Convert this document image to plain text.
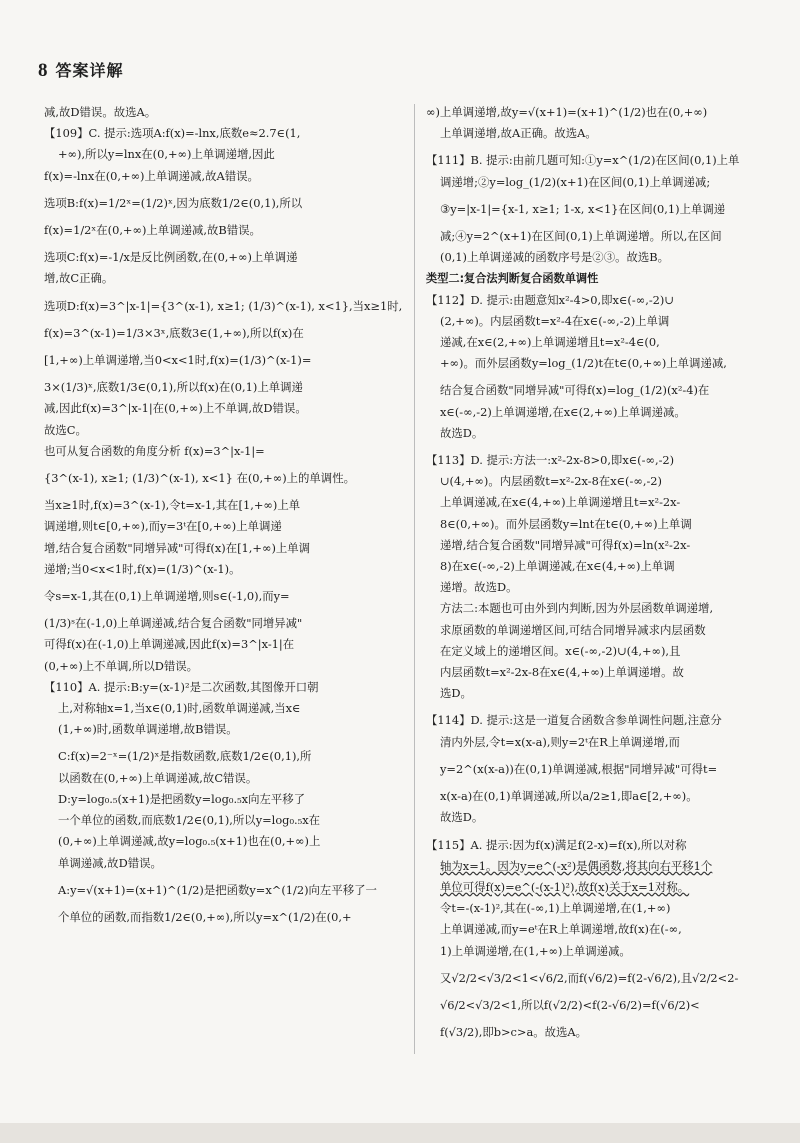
8 答案详解

减,故D错误。故选A。

【109】C. 提示:选项A:f(x)=-lnx,底数e≈2.7∈(1,

+∞),所以y=lnx在(0,+∞)上单调递增,因此

f(x)=-lnx在(0,+∞)上单调递减,故A错误。

选项B:f(x)=1/2ˣ=(1/2)ˣ,因为底数1/2∈(0,1),所以

f(x)=1/2ˣ在(0,+∞)上单调递减,故B错误。

选项C:f(x)=-1/x是反比例函数,在(0,+∞)上单调递

增,故C正确。

选项D:f(x)=3^|x-1|={3^(x-1), x≥1; (1/3)^(x-1), x<1},当x≥1时,

f(x)=3^(x-1)=1/3×3ˣ,底数3∈(1,+∞),所以f(x)在

[1,+∞)上单调递增,当0<x<1时,f(x)=(1/3)^(x-1)=

3×(1/3)ˣ,底数1/3∈(0,1),所以f(x)在(0,1)上单调递

减,因此f(x)=3^|x-1|在(0,+∞)上不单调,故D错误。

故选C。

也可从复合函数的角度分析 f(x)=3^|x-1|=

{3^(x-1), x≥1; (1/3)^(x-1), x<1} 在(0,+∞)上的单调性。

当x≥1时,f(x)=3^(x-1),令t=x-1,其在[1,+∞)上单

调递增,则t∈[0,+∞),而y=3ᵗ在[0,+∞)上单调递

增,结合复合函数"同增异减"可得f(x)在[1,+∞)上单调

递增;当0<x<1时,f(x)=(1/3)^(x-1)。

令s=x-1,其在(0,1)上单调递增,则s∈(-1,0),而y=

(1/3)ˢ在(-1,0)上单调递减,结合复合函数"同增异减"

可得f(x)在(-1,0)上单调递减,因此f(x)=3^|x-1|在

(0,+∞)上不单调,所以D错误。

【110】A. 提示:B:y=(x-1)²是二次函数,其图像开口朝

上,对称轴x=1,当x∈(0,1)时,函数单调递减,当x∈

(1,+∞)时,函数单调递增,故B错误。

C:f(x)=2⁻ˣ=(1/2)ˣ是指数函数,底数1/2∈(0,1),所

以函数在(0,+∞)上单调递减,故C错误。

D:y=log₀.₅(x+1)是把函数y=log₀.₅x向左平移了

一个单位的函数,而底数1/2∈(0,1),所以y=log₀.₅x在

(0,+∞)上单调递减,故y=log₀.₅(x+1)也在(0,+∞)上

单调递减,故D错误。

A:y=√(x+1)=(x+1)^(1/2)是把函数y=x^(1/2)向左平移了一

个单位的函数,而指数1/2∈(0,+∞),所以y=x^(1/2)在(0,+

∞)上单调递增,故y=√(x+1)=(x+1)^(1/2)也在(0,+∞)

上单调递增,故A正确。故选A。

【111】B. 提示:由前几题可知:①y=x^(1/2)在区间(0,1)上单

调递增;②y=log_(1/2)(x+1)在区间(0,1)上单调递减;

③y=|x-1|={x-1, x≥1; 1-x, x<1}在区间(0,1)上单调递

减;④y=2^(x+1)在区间(0,1)上单调递增。所以,在区间

(0,1)上单调递减的函数序号是②③。故选B。

类型二:复合法判断复合函数单调性

【112】D. 提示:由题意知x²-4>0,即x∈(-∞,-2)∪

(2,+∞)。内层函数t=x²-4在x∈(-∞,-2)上单调

递减,在x∈(2,+∞)上单调递增且t=x²-4∈(0,

+∞)。而外层函数y=log_(1/2)t在t∈(0,+∞)上单调递减,

结合复合函数"同增异减"可得f(x)=log_(1/2)(x²-4)在

x∈(-∞,-2)上单调递增,在x∈(2,+∞)上单调递减。

故选D。

【113】D. 提示:方法一:x²-2x-8>0,即x∈(-∞,-2)

∪(4,+∞)。内层函数t=x²-2x-8在x∈(-∞,-2)

上单调递减,在x∈(4,+∞)上单调递增且t=x²-2x-

8∈(0,+∞)。而外层函数y=lnt在t∈(0,+∞)上单调

递增,结合复合函数"同增异减"可得f(x)=ln(x²-2x-

8)在x∈(-∞,-2)上单调递减,在x∈(4,+∞)上单调

递增。故选D。

方法二:本题也可由外到内判断,因为外层函数单调递增,

求原函数的单调递增区间,可结合同增异减求内层函数

在定义域上的递增区间。x∈(-∞,-2)∪(4,+∞),且

内层函数t=x²-2x-8在x∈(4,+∞)上单调递增。故

选D。

【114】D. 提示:这是一道复合函数含参单调性问题,注意分

清内外层,令t=x(x-a),则y=2ᵗ在R上单调递增,而

y=2^(x(x-a))在(0,1)单调递减,根据"同增异减"可得t=

x(x-a)在(0,1)单调递减,所以a/2≥1,即a∈[2,+∞)。

故选D。

【115】A. 提示:因为f(x)满足f(2-x)=f(x),所以对称

轴为x=1。因为y=e^(-x²)是偶函数,将其向右平移1个

单位可得f(x)=e^(-(x-1)²),故f(x)关于x=1对称。

令t=-(x-1)²,其在(-∞,1)上单调递增,在(1,+∞)

上单调递减,而y=eᵗ在R上单调递增,故f(x)在(-∞,

1)上单调递增,在(1,+∞)上单调递减。

又√2/2<√3/2<1<√6/2,而f(√6/2)=f(2-√6/2),且√2/2<2-

√6/2<√3/2<1,所以f(√2/2)<f(2-√6/2)=f(√6/2)<

f(√3/2),即b>c>a。故选A。
